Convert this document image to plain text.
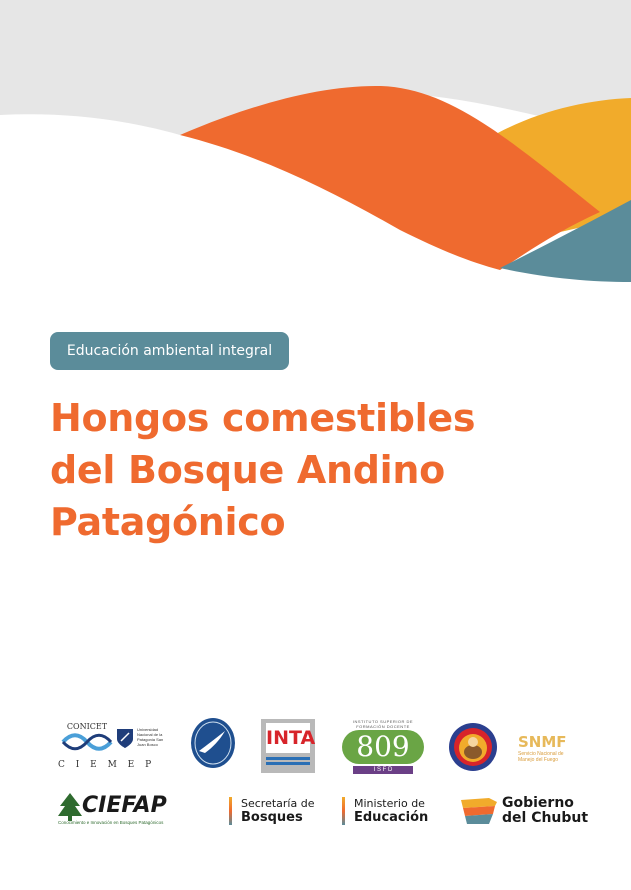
Educación ambiental integral
Hongos comestibles
del Bosque Andino
Patagónico
CONICET	Universidad Nacional de la Patagonia San Juan Bosco
C I E M E P
INTA
INSTITUTO SUPERIOR DE FORMACIÓN DOCENTE
809
I S F D
SNMF
Servicio Nacional de Manejo del Fuego
CIEFAP
Conocimiento e Innovación en Bosques Patagónicos
Secretaría de
Bosques
Ministerio de
Educación
Gobierno
del Chubut
